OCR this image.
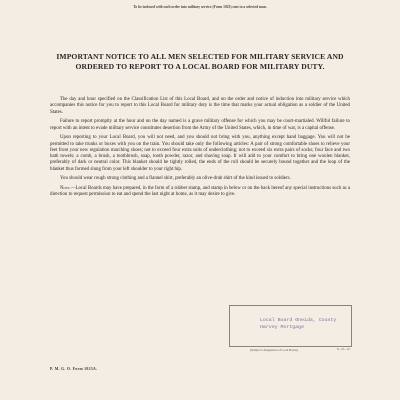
To be inclosed with each order into military service (Form 1023) sent to a selected man.
IMPORTANT NOTICE TO ALL MEN SELECTED FOR MILITARY SERVICE AND ORDERED TO REPORT TO A LOCAL BOARD FOR MILITARY DUTY.

The day and hour specified on the Classification List of this Local Board, and on the order and notice of induction into military service which accompanies this notice for you to report to this Local Board for military duty is the time that marks your actual obligation as a soldier of the United States.

Failure to report promptly at the hour and on the day named is a grave military offense for which you may be court-martialed. Willful failure to report with an intent to evade military service constitutes desertion from the Army of the United States, which, in time of war, is a capital offense.

Upon reporting to your Local Board, you will not need, and you should not bring with you, anything except hand baggage. You will not be permitted to take trunks or boxes with you on the train. You should take only the following articles: A pair of strong comfortable shoes to relieve your feet from your new regulation marching shoes; not to exceed four extra suits of underclothing; not to exceed six extra pairs of socks; four face and two bath towels; a comb, a brush, a toothbrush, soap, tooth powder, razor, and shaving soap. It will add to your comfort to bring one woolen blanket, preferably of dark or neutral color. This blanket should be tightly rolled, the ends of the roll should be securely bound together and the loop of the blanket thus formed slung from your left shoulder to your right hip.

You should wear rough strong clothing and a flannel shirt, preferably an olive-drab shirt of the kind issued to soldiers.

Note.—Local Boards may have prepared, in the form of a rubber stamp, and stamp in below or on the back hereof any special instructions such as a direction to request permission to eat and spend the last night at home, as it may desire to give.

Local Board Oneida, County
Harvey Mortgage
(Stamp for designation of Local Board.)	8—10—16
P. M. G. O. Form 1023A.
